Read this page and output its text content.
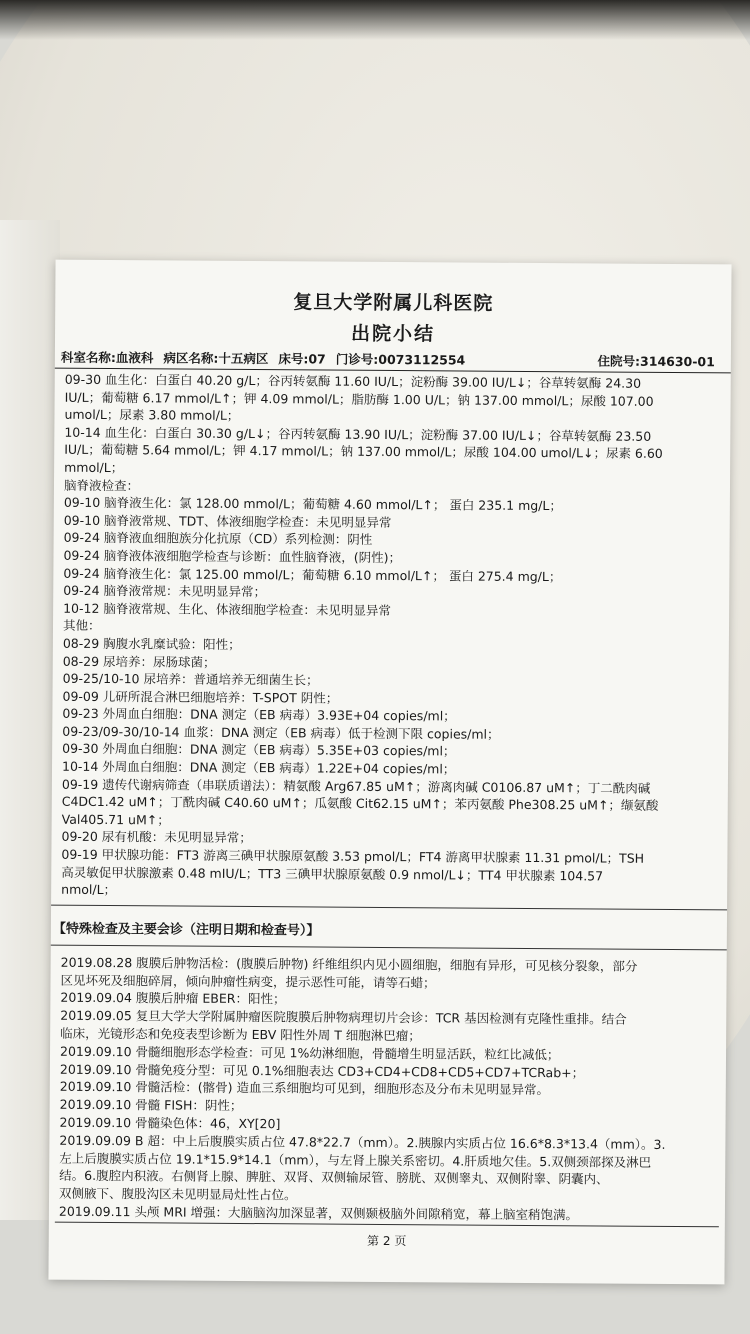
复旦大学附属儿科医院
出院小结
科室名称:血液科 病区名称:十五病区 床号:07 门诊号:0073112554	住院号:314630-01
09-30 血生化：白蛋白 40.20 g/L；谷丙转氨酶 11.60 IU/L；淀粉酶 39.00 IU/L↓；谷草转氨酶 24.30
IU/L；葡萄糖 6.17 mmol/L↑；钾 4.09 mmol/L；脂肪酶 1.00 U/L；钠 137.00 mmol/L；尿酸 107.00
umol/L；尿素 3.80 mmol/L；
10-14 血生化：白蛋白 30.30 g/L↓；谷丙转氨酶 13.90 IU/L；淀粉酶 37.00 IU/L↓；谷草转氨酶 23.50
IU/L；葡萄糖 5.64 mmol/L；钾 4.17 mmol/L；钠 137.00 mmol/L；尿酸 104.00 umol/L↓；尿素 6.60
mmol/L；
脑脊液检查：
09-10 脑脊液生化：氯 128.00 mmol/L；葡萄糖 4.60 mmol/L↑； 蛋白 235.1 mg/L；
09-10 脑脊液常规、TDT、体液细胞学检查：未见明显异常
09-24 脑脊液血细胞族分化抗原（CD）系列检测：阴性
09-24 脑脊液体液细胞学检查与诊断：血性脑脊液，(阴性)；
09-24 脑脊液生化：氯 125.00 mmol/L；葡萄糖 6.10 mmol/L↑； 蛋白 275.4 mg/L；
09-24 脑脊液常规：未见明显异常；
10-12 脑脊液常规、生化、体液细胞学检查：未见明显异常
其他：
08-29 胸腹水乳糜试验：阳性；
08-29 尿培养：尿肠球菌；
09-25/10-10 尿培养：普通培养无细菌生长；
09-09 儿研所混合淋巴细胞培养：T-SPOT 阴性；
09-23 外周血白细胞：DNA 测定（EB 病毒）3.93E+04 copies/ml；
09-23/09-30/10-14 血浆：DNA 测定（EB 病毒）低于检测下限 copies/ml；
09-30 外周血白细胞：DNA 测定（EB 病毒）5.35E+03 copies/ml；
10-14 外周血白细胞：DNA 测定（EB 病毒）1.22E+04 copies/ml；
09-19 遗传代谢病筛查（串联质谱法）：精氨酸 Arg67.85 uM↑；游离肉碱 C0106.87 uM↑；丁二酰肉碱
C4DC1.42 uM↑；丁酰肉碱 C40.60 uM↑；瓜氨酸 Cit62.15 uM↑；苯丙氨酸 Phe308.25 uM↑；缬氨酸
Val405.71 uM↑；
09-20 尿有机酸：未见明显异常；
09-19 甲状腺功能：FT3 游离三碘甲状腺原氨酸 3.53 pmol/L；FT4 游离甲状腺素 11.31 pmol/L；TSH
高灵敏促甲状腺激素 0.48 mIU/L；TT3 三碘甲状腺原氨酸 0.9 nmol/L↓；TT4 甲状腺素 104.57
nmol/L；
【特殊检查及主要会诊（注明日期和检查号）】
2019.08.28 腹膜后肿物活检：(腹膜后肿物) 纤维组织内见小圆细胞，细胞有异形，可见核分裂象，部分
区见坏死及细胞碎屑，倾向肿瘤性病变，提示恶性可能，请等石蜡；
2019.09.04 腹膜后肿瘤 EBER：阳性；
2019.09.05 复旦大学大学附属肿瘤医院腹膜后肿物病理切片会诊：TCR 基因检测有克隆性重排。结合
临床，光镜形态和免疫表型诊断为 EBV 阳性外周 T 细胞淋巴瘤；
2019.09.10 骨髓细胞形态学检查：可见 1%幼淋细胞，骨髓增生明显活跃，粒红比减低；
2019.09.10 骨髓免疫分型：可见 0.1%细胞表达 CD3+CD4+CD8+CD5+CD7+TCRab+；
2019.09.10 骨髓活检：(髂骨) 造血三系细胞均可见到，细胞形态及分布未见明显异常。
2019.09.10 骨髓 FISH：阴性；
2019.09.10 骨髓染色体：46，XY[20]
2019.09.09 B 超：中上后腹膜实质占位 47.8*22.7（mm）。2.胰腺内实质占位 16.6*8.3*13.4（mm）。3.
左上后腹膜实质占位 19.1*15.9*14.1（mm），与左肾上腺关系密切。4.肝质地欠佳。5.双侧颈部探及淋巴
结。6.腹腔内积液。右侧肾上腺、脾脏、双肾、双侧输尿管、膀胱、双侧睾丸、双侧附睾、阴囊内、
双侧腋下、腹股沟区未见明显局灶性占位。
2019.09.11 头颅 MRI 增强：大脑脑沟加深显著，双侧颞极脑外间隙稍宽，幕上脑室稍饱满。
第 2 页
